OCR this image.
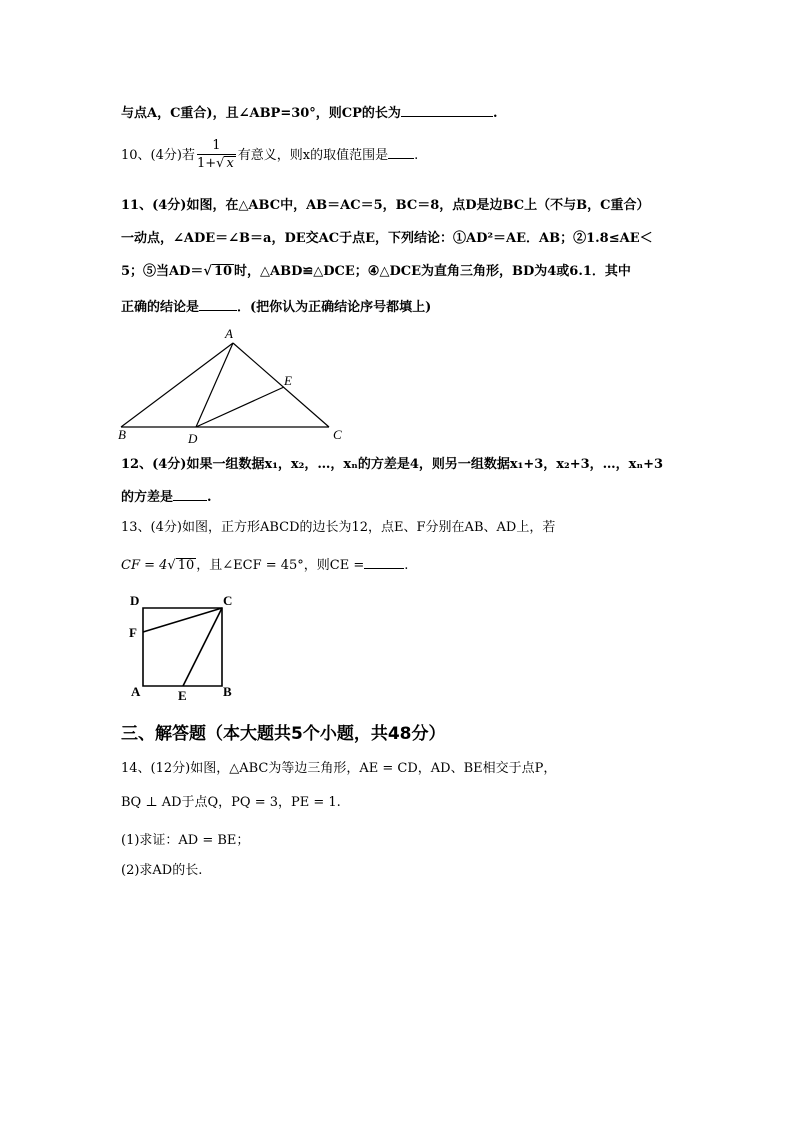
与点A，C重合)，且∠ABP=30°，则CP的长为	.
10、(4分)若 $\frac{1}{1+√ x}$ 有意义，则x的取值范围是 .
11、(4分)如图，在△ABC中，AB＝AC＝5，BC＝8，点D是边BC上（不与B，C重合）
一动点，∠ADE＝∠B＝a，DE交AC于点E，下列结论：①AD²＝AE．AB；②1.8≤AE＜
5；⑤当AD＝√ 10 时，△ABD≌△DCE；④△DCE为直角三角形，BD为4或6.1．其中
正确的结论是	．(把你认为正确结论序号都填上)
A
B	C
D
E
12、(4分)如果一组数据x₁，x₂，…，xₙ的方差是4，则另一组数据x₁+3，x₂+3，…，xₙ+3
的方差是	.
13、(4分)如图，正方形ABCD的边长为12，点E、F分别在AB、AD上，若
CF = 4√ 10 ，且∠ECF = 45°，则CE =	.
D	C
F
A	E	B
三、解答题（本大题共5个小题，共48分）
14、(12分)如图，△ABC为等边三角形，AE = CD，AD、BE相交于点P，
BQ ⊥ AD于点Q，PQ = 3，PE = 1.
(1)求证：AD = BE；
(2)求AD的长.
